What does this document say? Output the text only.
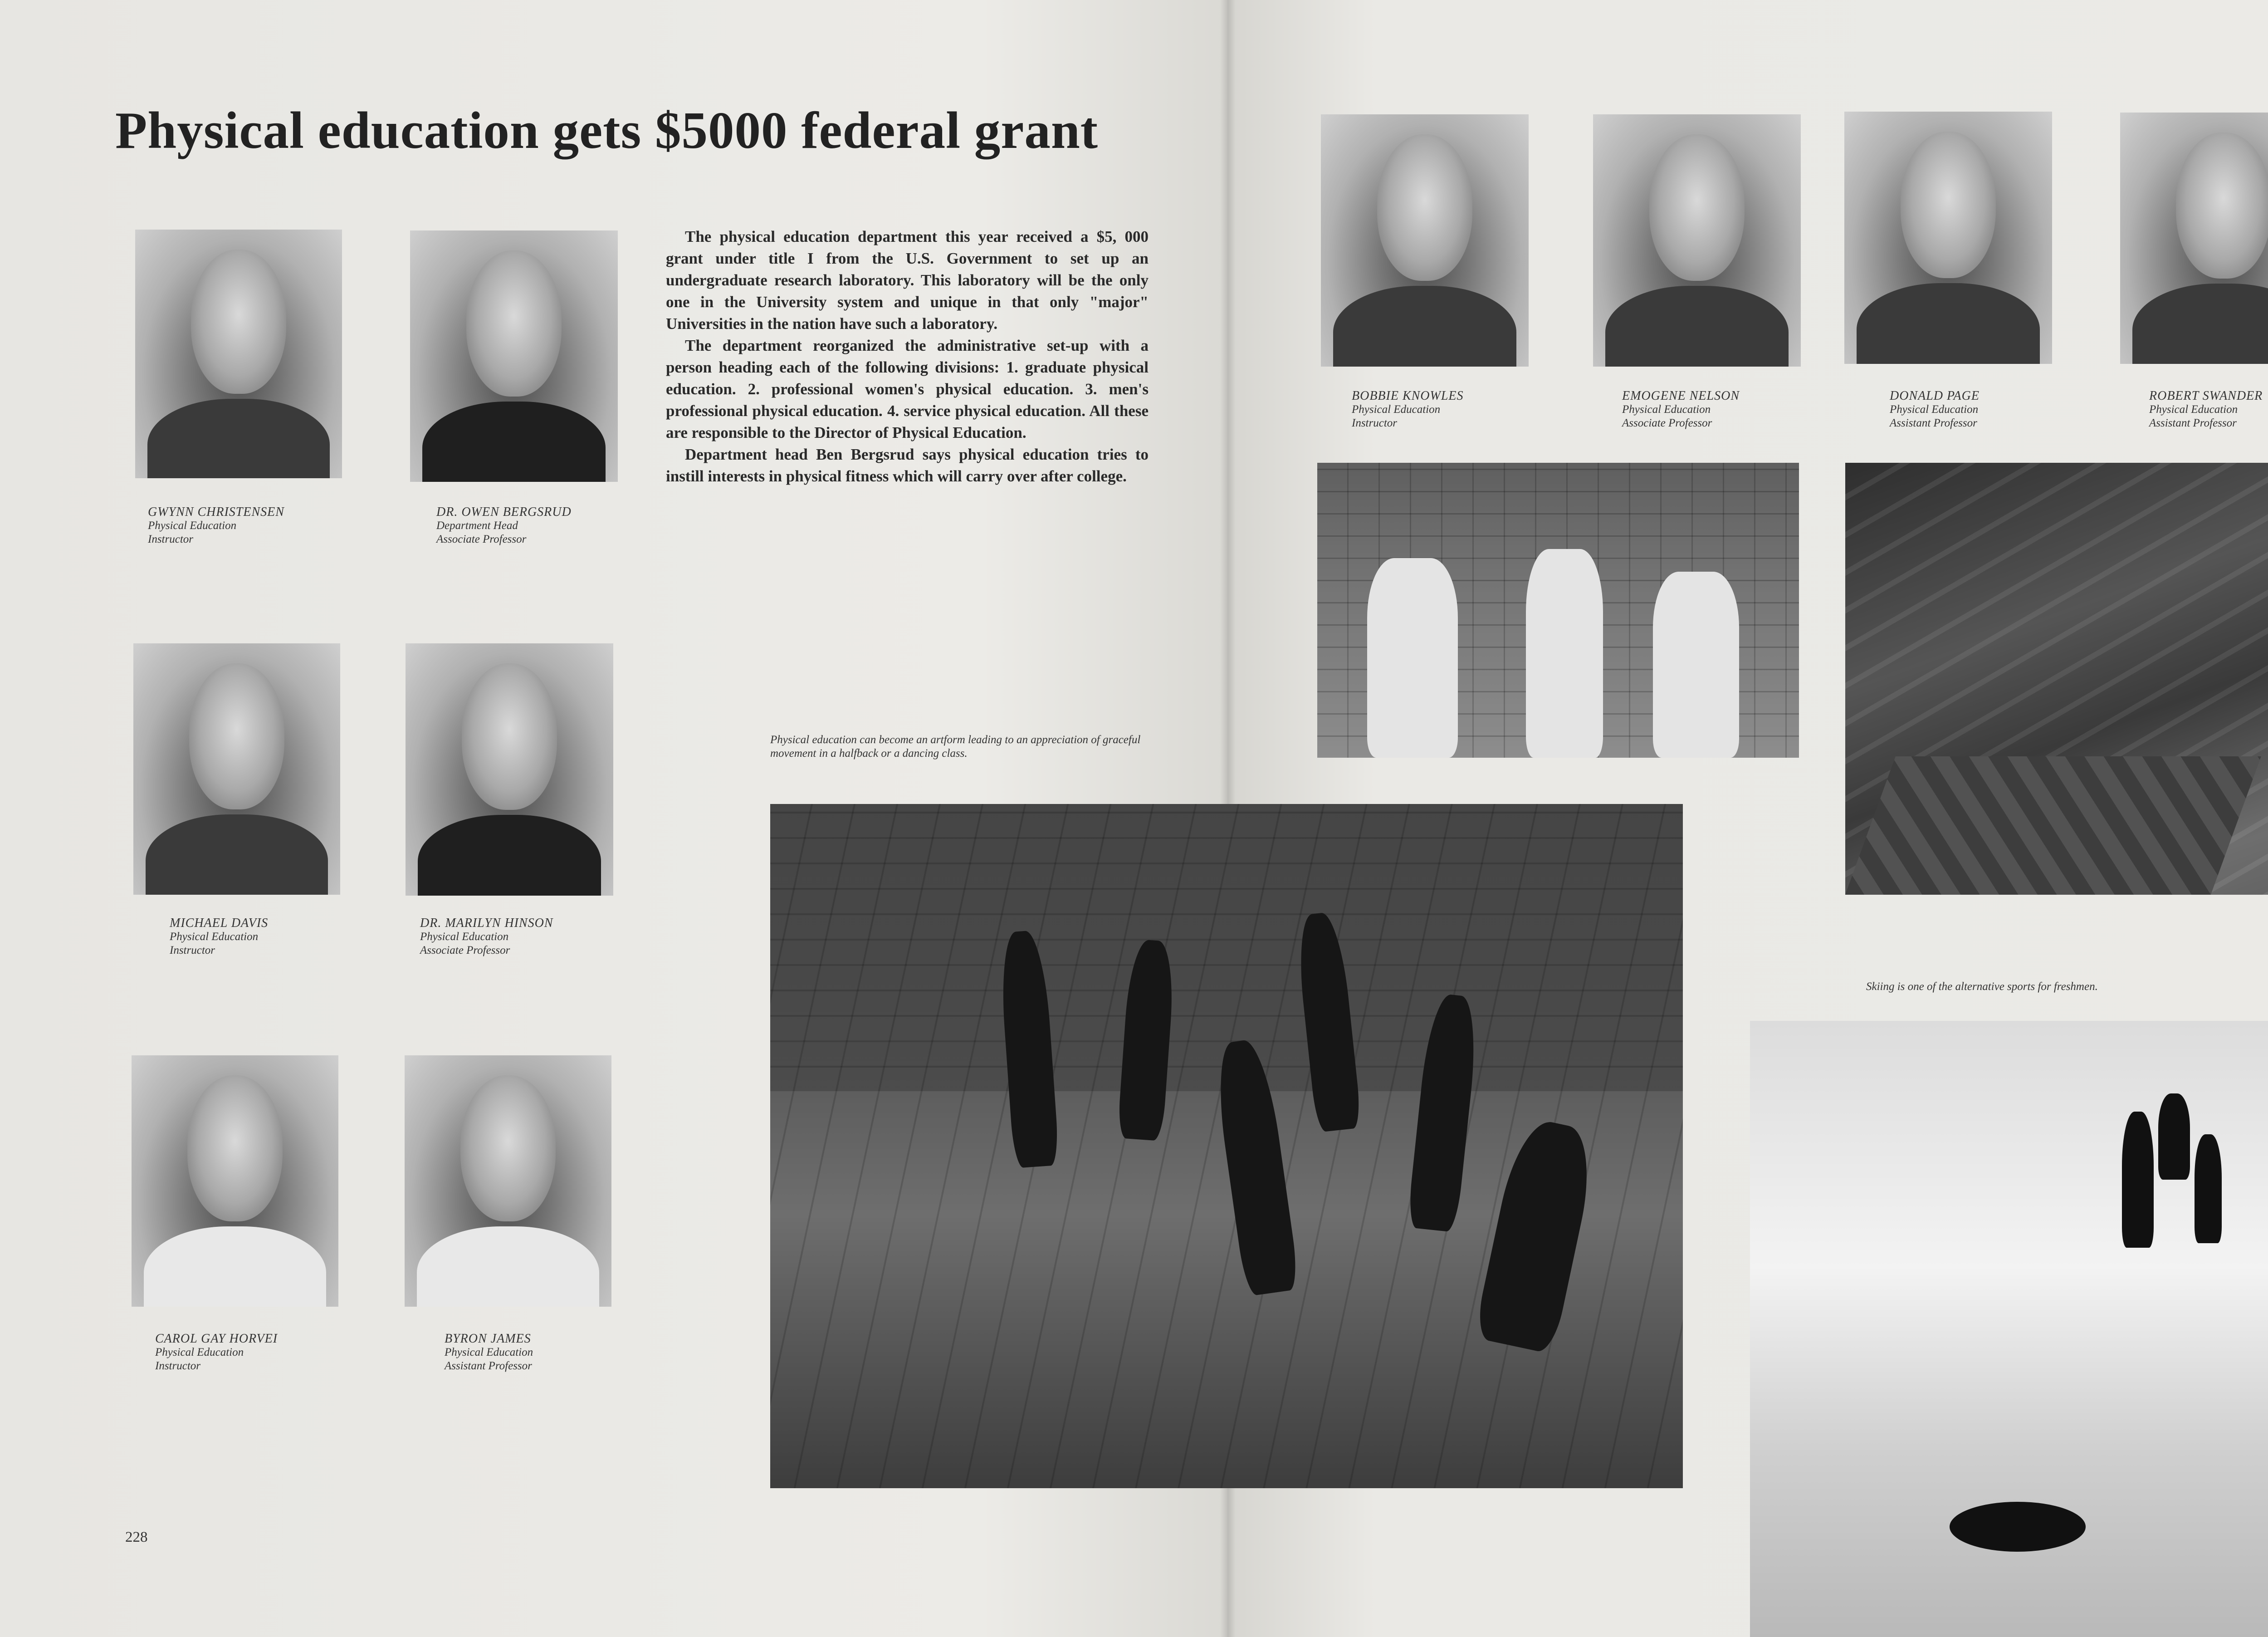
Physical education gets $5000 federal grant

The physical education department this year received a $5, 000 grant under title I from the U.S. Government to set up an undergraduate research laboratory. This laboratory will be the only one in the University system and unique in that only "major" Universities in the nation have such a laboratory.

The department reorganized the administrative set-up with a person heading each of the following divisions: 1. graduate physical education. 2. professional women's physical education. 3. men's professional physical education. 4. service physical education. All these are responsible to the Director of Physical Education.

Department head Ben Bergsrud says physical education tries to instill interests in physical fitness which will carry over after college.

GWYNN CHRISTENSEN
Physical Education
Instructor
DR. OWEN BERGSRUD
Department Head
Associate Professor
MICHAEL DAVIS
Physical Education
Instructor
DR. MARILYN HINSON
Physical Education
Associate Professor
CAROL GAY HORVEI
Physical Education
Instructor
BYRON JAMES
Physical Education
Assistant Professor
Physical education can become an artform leading to an appreciation of graceful movement in a halfback or a dancing class.
BOBBIE KNOWLES
Physical Education
Instructor
EMOGENE NELSON
Physical Education
Associate Professor
DONALD PAGE
Physical Education
Assistant Professor
ROBERT SWANDER
Physical Education
Assistant Professor
Skiing is one of the alternative sports for freshmen.
228
